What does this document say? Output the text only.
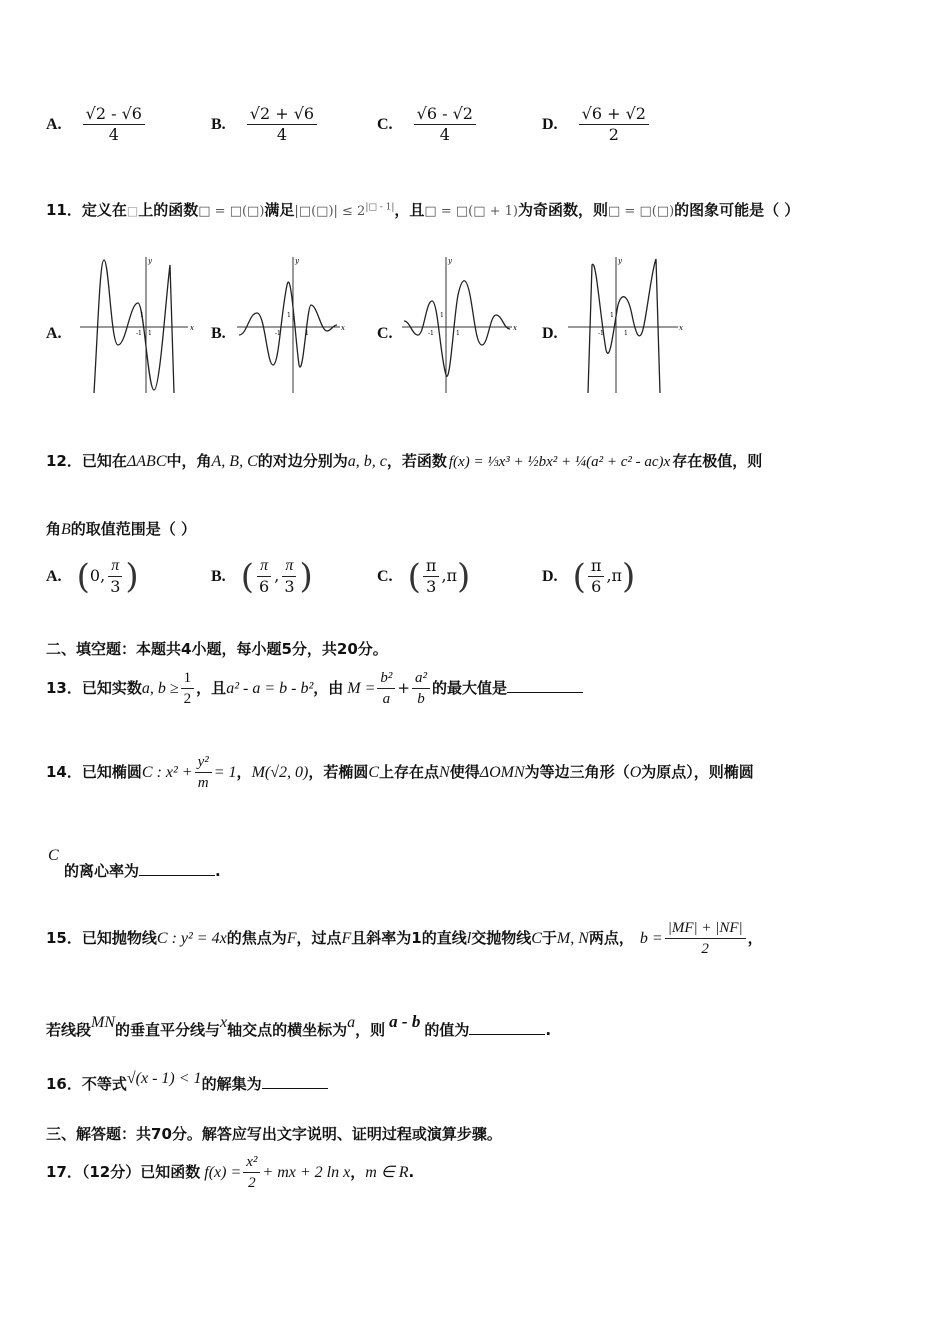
A. $\frac{√2 - √6}{4}$	B. $\frac{√2 + √6}{4}$	C. $\frac{√6 - √2}{4}$	D. $\frac{√6 + √2}{2}$
11．定义在□上的函数□ = □(□)满足|□(□)| ≤ $2^{|□ - 1|}$，且□ = □(□ + 1)为奇函数，则□ = □(□)的图象可能是（ ）
A.	B.	C.	D.
x
y
-1
1
1
x
y
-1
1
1
x
y
-1
1
1
x
y
-1
1
1
12．已知在ΔABC中，角A, B, C的对边分别为a, b, c，若函数 f(x) = ⅓x³ + ½bx² + ¼(a² + c² - ac)x 存在极值，则
角B的取值范围是（ ）
A. (0, $\frac{\pi}{3}$ )	B. ( $\frac{\pi}{6}$ , $\frac{\pi}{3}$ )	C. ( $\frac{\pi}{3} ,\pi$)	D. ( $\frac{\pi}{6} ,\pi$)
二、填空题：本题共4小题，每小题5分，共20分。
13．已知实数a, $b \ge \frac{1}{2}$ ，且a² - a = b - b²，由 $M = \frac{\text{b²}}{a} + \frac{\text{a²}}{b}$ 的最大值是
14．已知椭圆C : $x^2 + \frac{\text{y²}}{m} = 1$，M(√2, 0)，若椭圆C上存在点N使得ΔOMN为等边三角形（O为原点），则椭圆
C
的离心率为	.
15．已知抛物线C : y² = 4x的焦点为F，过点F且斜率为1的直线l交抛物线C于M, N两点， $b = \frac{|MF| + |NF|}{2}$ ，
若线段MN的垂直平分线与x轴交点的横坐标为a，则 a - b 的值为	.
16．不等式√(x - 1) < 1的解集为
三、解答题：共70分。解答应写出文字说明、证明过程或演算步骤。
17．（12分）已知函数 $f(x) = \frac{\text{x²}}{2}$ + mx + 2 ln x，m ∈ R.
